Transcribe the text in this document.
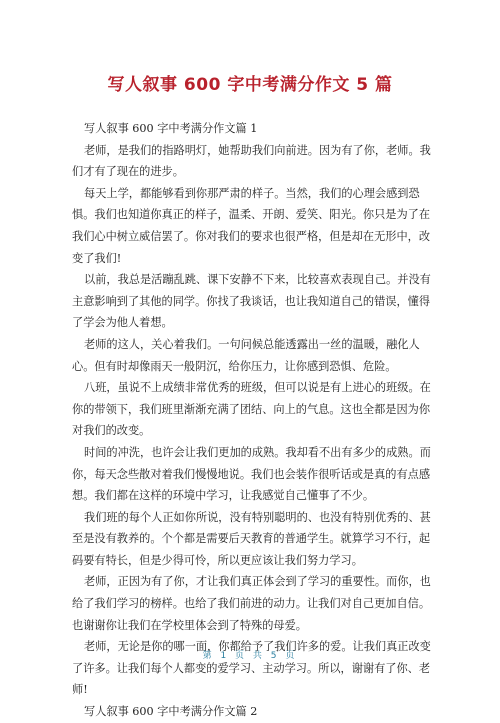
写人叙事 600 字中考满分作文 5 篇

写人叙事 600 字中考满分作文篇 1

老师，是我们的指路明灯，她帮助我们向前进。因为有了你，老师。我们才有了现在的进步。

每天上学，都能够看到你那严肃的样子。当然，我们的心理会感到恐惧。我们也知道你真正的样子，温柔、开朗、爱笑、阳光。你只是为了在我们心中树立威信罢了。你对我们的要求也很严格，但是却在无形中，改变了我们!

以前，我总是活蹦乱跳、课下安静不下来，比较喜欢表现自己。并没有主意影响到了其他的同学。你找了我谈话，也让我知道自己的错误，懂得了学会为他人着想。

老师的这人，关心着我们。一句问候总能透露出一丝的温暖，融化人心。但有时却像雨天一般阴沉，给你压力，让你感到恐惧、危险。

八班，虽说不上成绩非常优秀的班级，但可以说是有上进心的班级。在你的带领下，我们班里渐渐充满了团结、向上的气息。这也全都是因为你对我们的改变。

时间的冲洗，也许会让我们更加的成熟。我却看不出有多少的成熟。而你，每天念些散对着我们慢慢地说。我们也会装作很听话或是真的有点感想。我们都在这样的环境中学习，让我感觉自己懂事了不少。

我们班的每个人正如你所说，没有特别聪明的、也没有特别优秀的、甚至是没有教养的。个个都是需要后天教育的普通学生。就算学习不行，起码要有特长，但是少得可怜，所以更应该让我们努力学习。

老师，正因为有了你，才让我们真正体会到了学习的重要性。而你，也给了我们学习的榜样。也给了我们前进的动力。让我们对自己更加自信。也谢谢你让我们在学校里体会到了特殊的母爱。

老师，无论是你的哪一面，你都给予了我们许多的爱。让我们真正改变了许多。让我们每个人都变的爱学习、主动学习。所以，谢谢有了你、老师!

写人叙事 600 字中考满分作文篇 2

第 1 页 共 5 页
